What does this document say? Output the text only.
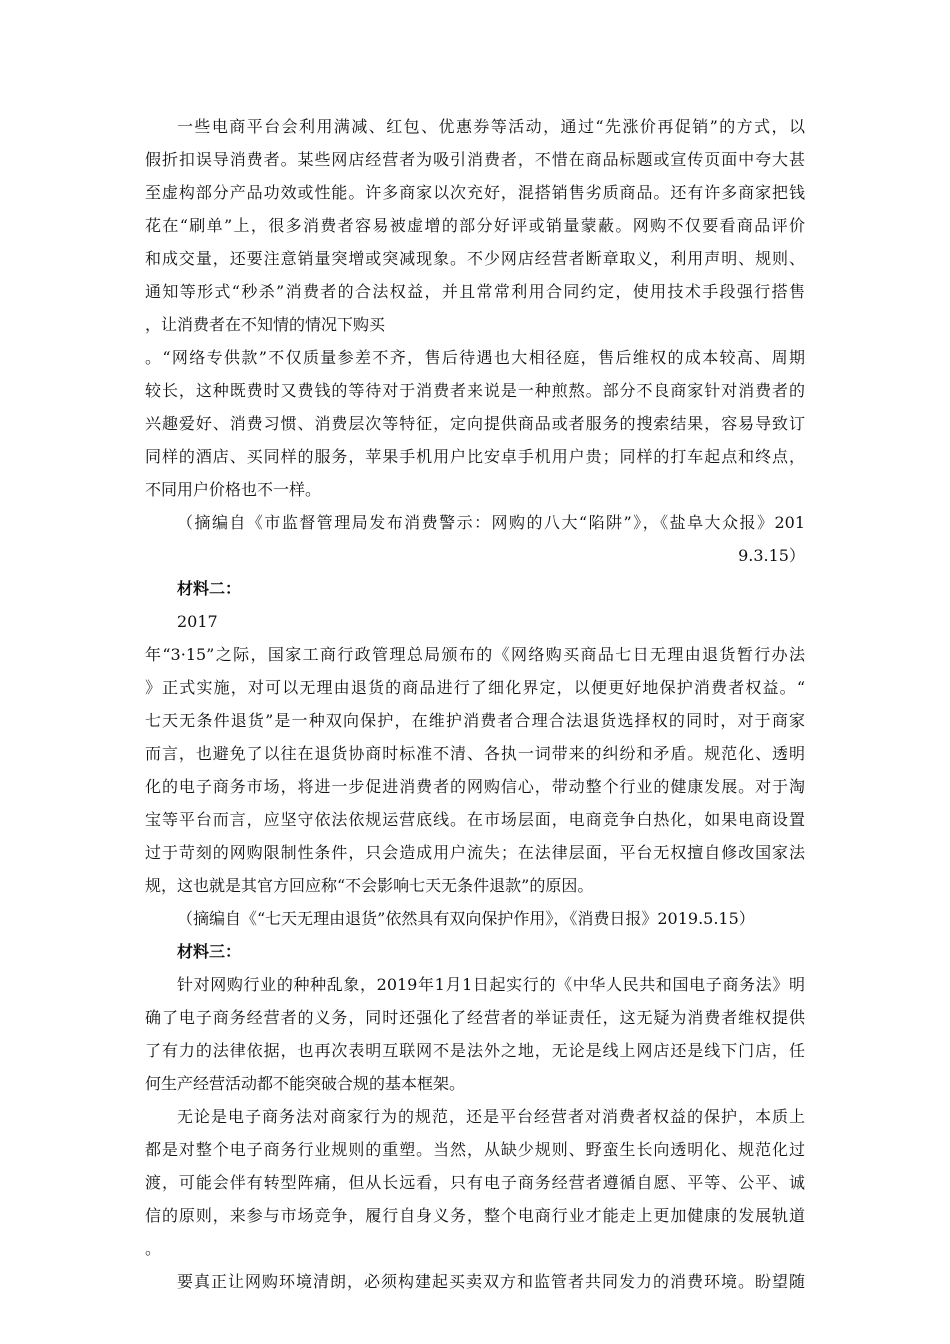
一些电商平台会利用满减、红包、优惠券等活动，通过“先涨价再促销”的方式，以
假折扣误导消费者。某些网店经营者为吸引消费者，不惜在商品标题或宣传页面中夸大甚
至虚构部分产品功效或性能。许多商家以次充好，混搭销售劣质商品。还有许多商家把钱
花在“刷单”上，很多消费者容易被虚增的部分好评或销量蒙蔽。网购不仅要看商品评价
和成交量，还要注意销量突增或突减现象。不少网店经营者断章取义，利用声明、规则、
通知等形式“秒杀”消费者的合法权益，并且常常利用合同约定，使用技术手段强行搭售
，让消费者在不知情的情况下购买
。“网络专供款”不仅质量参差不齐，售后待遇也大相径庭，售后维权的成本较高、周期
较长，这种既费时又费钱的等待对于消费者来说是一种煎熬。部分不良商家针对消费者的
兴趣爱好、消费习惯、消费层次等特征，定向提供商品或者服务的搜索结果，容易导致订
同样的酒店、买同样的服务，苹果手机用户比安卓手机用户贵；同样的打车起点和终点，
不同用户价格也不一样。
（摘编自《市监督管理局发布消费警示：网购的八大“陷阱”》，《盐阜大众报》201
9.3.15）
材料二：
2017
年“3·15”之际，国家工商行政管理总局颁布的《网络购买商品七日无理由退货暂行办法
》正式实施，对可以无理由退货的商品进行了细化界定，以便更好地保护消费者权益。“
七天无条件退货”是一种双向保护，在维护消费者合理合法退货选择权的同时，对于商家
而言，也避免了以往在退货协商时标准不清、各执一词带来的纠纷和矛盾。规范化、透明
化的电子商务市场，将进一步促进消费者的网购信心，带动整个行业的健康发展。对于淘
宝等平台而言，应坚守依法依规运营底线。在市场层面，电商竞争白热化，如果电商设置
过于苛刻的网购限制性条件，只会造成用户流失；在法律层面，平台无权擅自修改国家法
规，这也就是其官方回应称“不会影响七天无条件退款”的原因。
（摘编自《“七天无理由退货”依然具有双向保护作用》，《消费日报》2019.5.15）
材料三：
针对网购行业的种种乱象，2019年1月1日起实行的《中华人民共和国电子商务法》明
确了电子商务经营者的义务，同时还强化了经营者的举证责任，这无疑为消费者维权提供
了有力的法律依据，也再次表明互联网不是法外之地，无论是线上网店还是线下门店，任
何生产经营活动都不能突破合规的基本框架。
无论是电子商务法对商家行为的规范，还是平台经营者对消费者权益的保护，本质上
都是对整个电子商务行业规则的重塑。当然，从缺少规则、野蛮生长向透明化、规范化过
渡，可能会伴有转型阵痛，但从长远看，只有电子商务经营者遵循自愿、平等、公平、诚
信的原则，来参与市场竞争，履行自身义务，整个电商行业才能走上更加健康的发展轨道
。
要真正让网购环境清朗，必须构建起买卖双方和监管者共同发力的消费环境。盼望随
